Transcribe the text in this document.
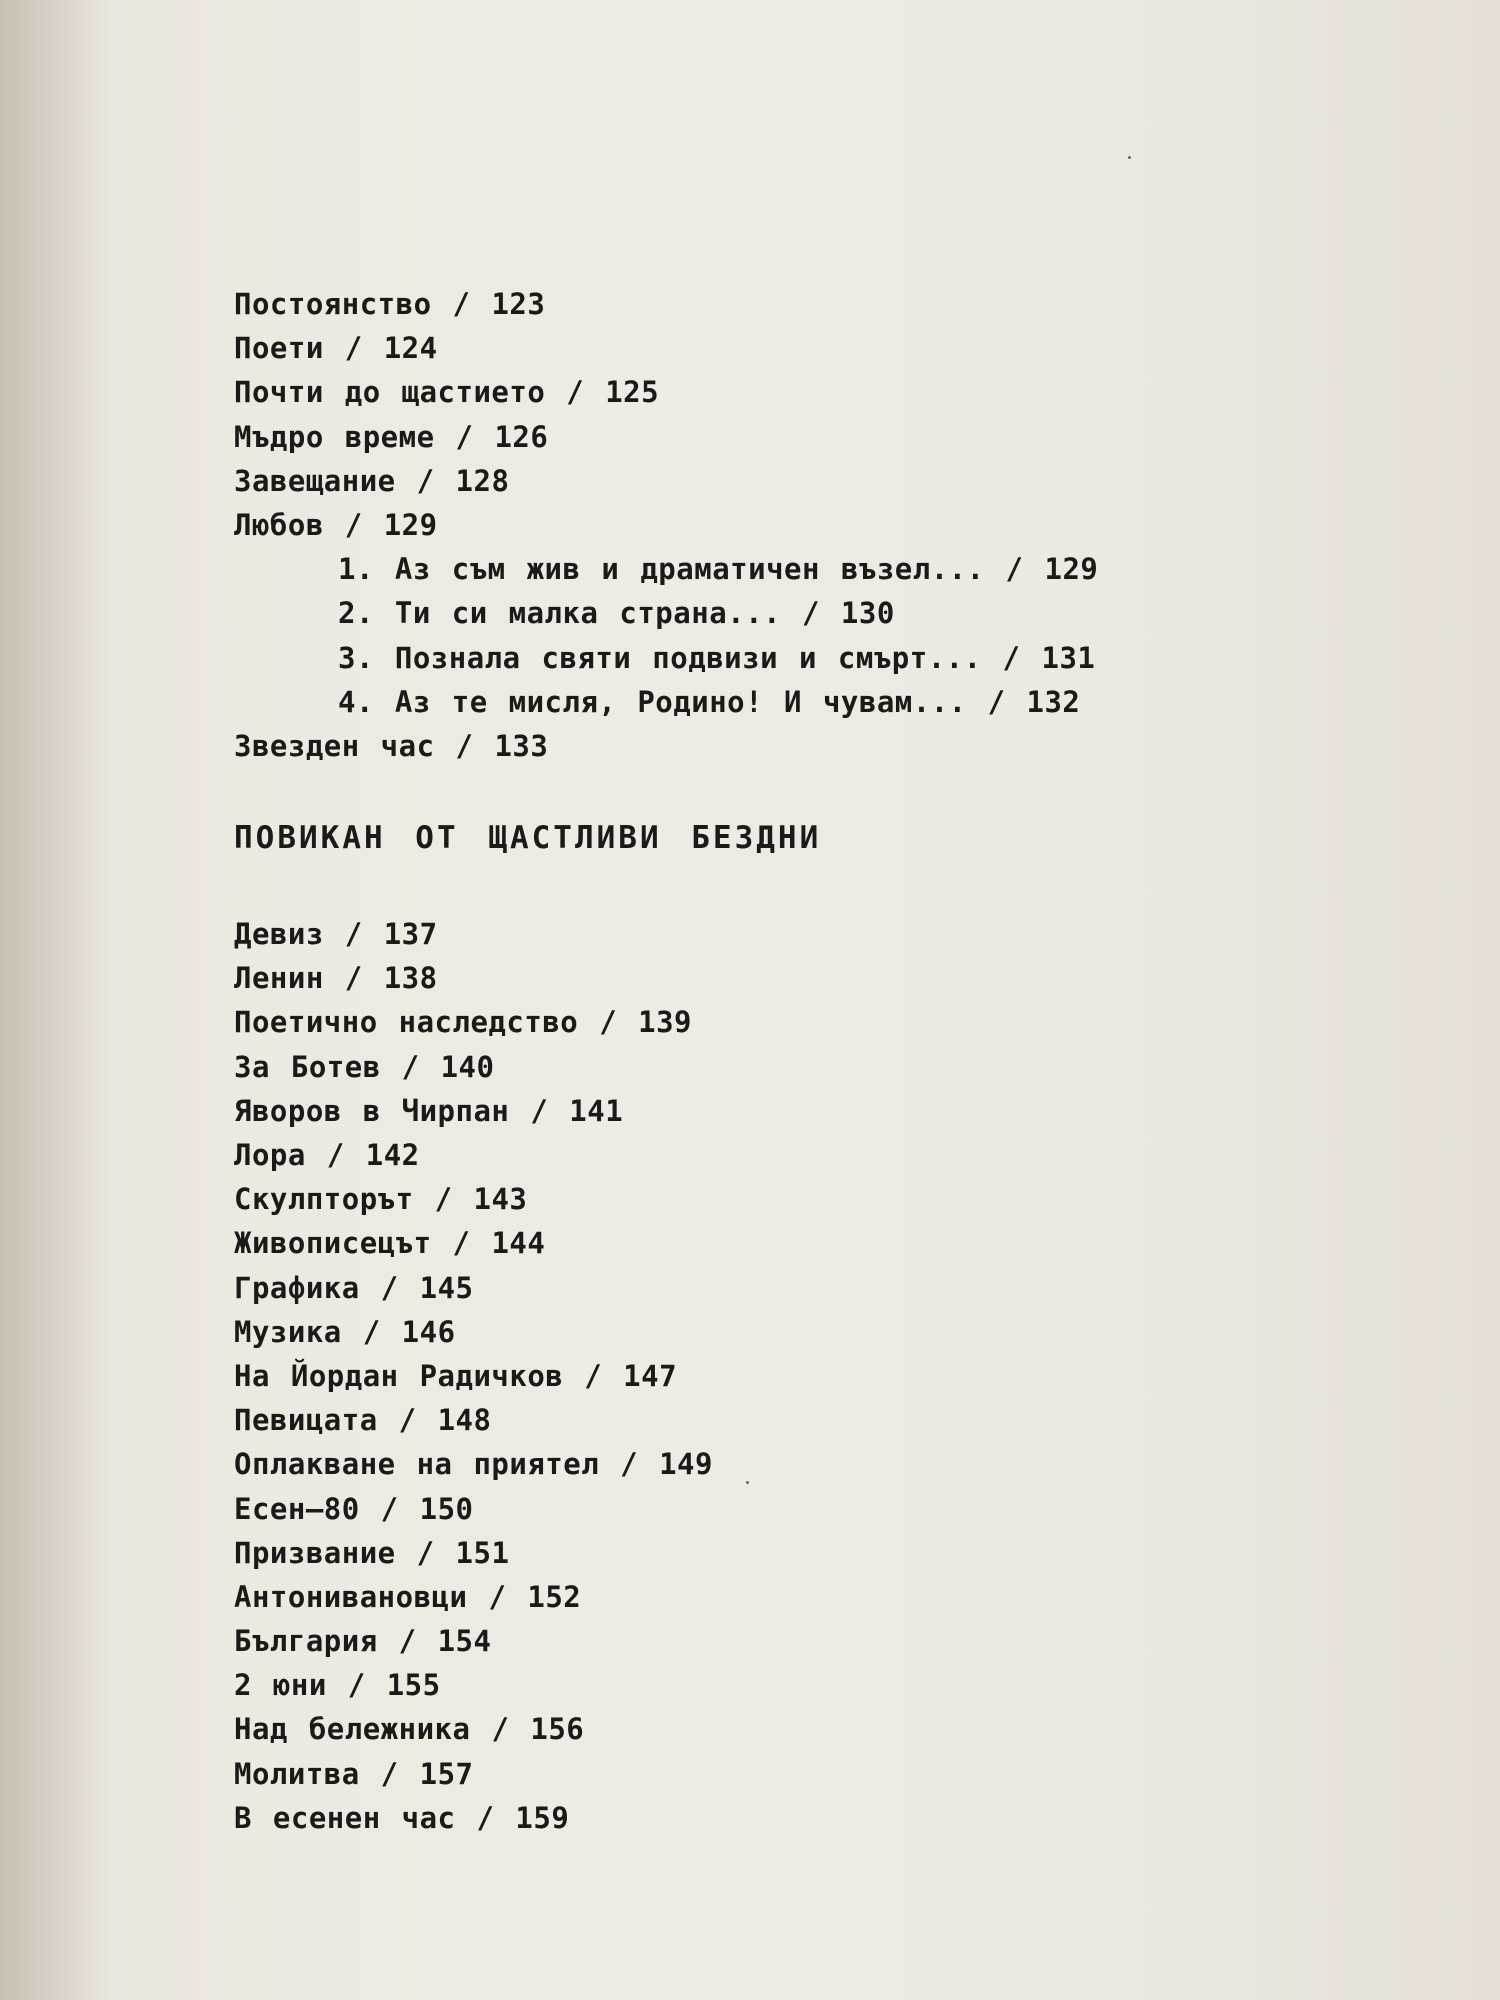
Постоянство / 123
Поети / 124
Почти до щастието / 125
Мъдро време / 126
Завещание / 128
Любов / 129
1. Аз съм жив и драматичен възел... / 129
2. Ти си малка страна... / 130
3. Познала святи подвизи и смърт... / 131
4. Аз те мисля, Родино! И чувам... / 132
Звезден час / 133
ПОВИКАН ОТ ЩАСТЛИВИ БЕЗДНИ
Девиз / 137
Ленин / 138
Поетично наследство / 139
За Ботев / 140
Яворов в Чирпан / 141
Лора / 142
Скулпторът / 143
Живописецът / 144
Графика / 145
Музика / 146
На Йордан Радичков / 147
Певицата / 148
Оплакване на приятел / 149
Есен—80 / 150
Призвание / 151
Антонивановци / 152
България / 154
2 юни / 155
Над бележника / 156
Молитва / 157
В есенен час / 159
